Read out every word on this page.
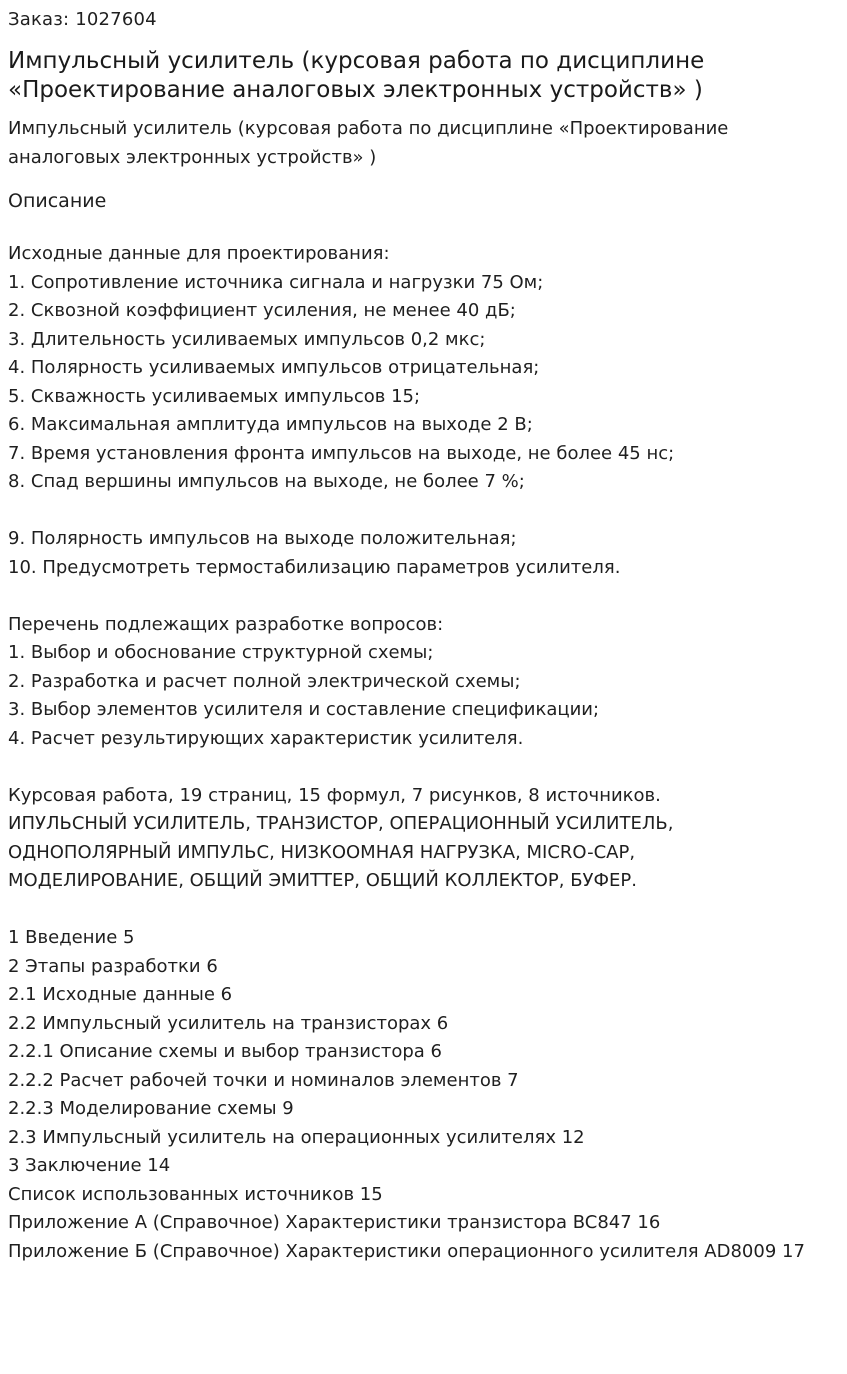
Заказ: 1027604
Импульсный усилитель (курсовая работа по дисциплине «Проектирование аналоговых электронных устройств» )
Импульсный усилитель (курсовая работа по дисциплине «Проектирование аналоговых электронных устройств» )
Описание
Исходные данные для проектирования:
1. Сопротивление источника сигнала и нагрузки 75 Ом;
2. Сквозной коэффициент усиления, не менее 40 дБ;
3. Длительность усиливаемых импульсов 0,2 мкс;
4. Полярность усиливаемых импульсов отрицательная;
5. Скважность усиливаемых импульсов 15;
6. Максимальная амплитуда импульсов на выходе 2 В;
7. Время установления фронта импульсов на выходе, не более 45 нс;
8. Спад вершины импульсов на выходе, не более 7 %;
9. Полярность импульсов на выходе положительная;
10. Предусмотреть термостабилизацию параметров усилителя.
Перечень подлежащих разработке вопросов:
1. Выбор и обоснование структурной схемы;
2. Разработка и расчет полной электрической схемы;
3. Выбор элементов усилителя и составление спецификации;
4. Расчет результирующих характеристик усилителя.
Курсовая работа, 19 страниц, 15 формул, 7 рисунков, 8 источников.
ИПУЛЬСНЫЙ УСИЛИТЕЛЬ, ТРАНЗИСТОР, ОПЕРАЦИОННЫЙ УСИЛИТЕЛЬ,
ОДНОПОЛЯРНЫЙ ИМПУЛЬС, НИЗКООМНАЯ НАГРУЗКА, MICRO-CAP,
МОДЕЛИРОВАНИЕ, ОБЩИЙ ЭМИТТЕР, ОБЩИЙ КОЛЛЕКТОР, БУФЕР.
1 Введение 5
2 Этапы разработки 6
2.1 Исходные данные 6
2.2 Импульсный усилитель на транзисторах 6
2.2.1 Описание схемы и выбор транзистора 6
2.2.2 Расчет рабочей точки и номиналов элементов 7
2.2.3 Моделирование схемы 9
2.3 Импульсный усилитель на операционных усилителях 12
3 Заключение 14
Список использованных источников 15
Приложение А (Справочное) Характеристики транзистора BC847 16
Приложение Б (Справочное) Характеристики операционного усилителя AD8009 17
